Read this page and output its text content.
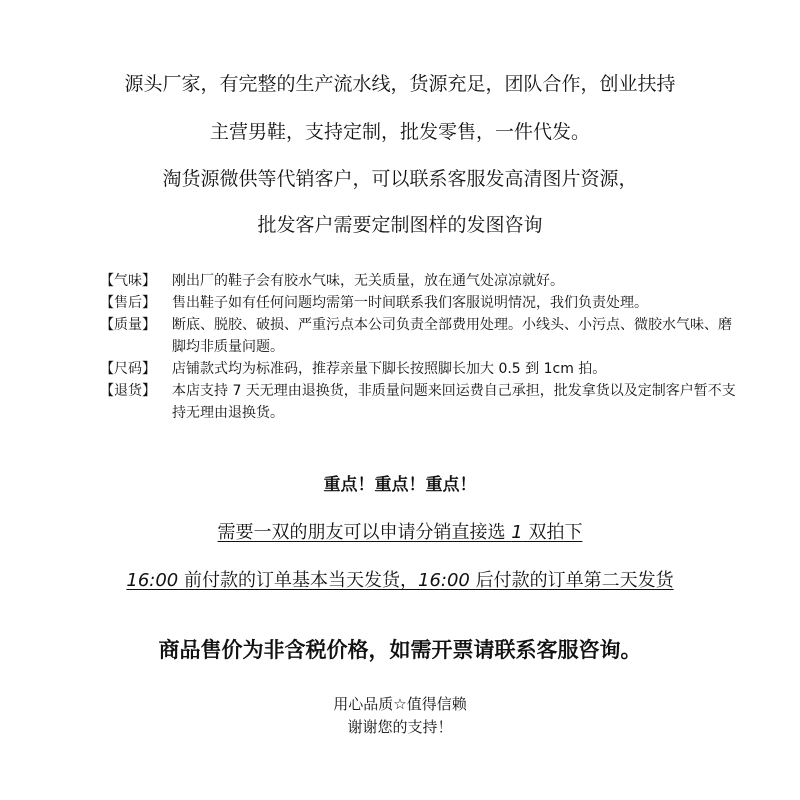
源头厂家，有完整的生产流水线，货源充足，团队合作，创业扶持
主营男鞋，支持定制，批发零售，一件代发。
淘货源微供等代销客户，可以联系客服发高清图片资源，
批发客户需要定制图样的发图咨询
【气味】	刚出厂的鞋子会有胶水气味，无关质量，放在通气处凉凉就好。
【售后】	售出鞋子如有任何问题均需第一时间联系我们客服说明情况，我们负责处理。
【质量】	断底、脱胶、破损、严重污点本公司负责全部费用处理。小线头、小污点、微胶水气味、磨脚均非质量问题。
【尺码】	店铺款式均为标准码，推荐亲量下脚长按照脚长加大 0.5 到 1cm 拍。
【退货】	本店支持 7 天无理由退换货，非质量问题来回运费自己承担，批发拿货以及定制客户暂不支持无理由退换货。
重点！重点！重点！
需要一双的朋友可以申请分销直接选 1 双拍下
16:00 前付款的订单基本当天发货，16:00 后付款的订单第二天发货
商品售价为非含税价格，如需开票请联系客服咨询。
用心品质☆值得信赖
谢谢您的支持！
